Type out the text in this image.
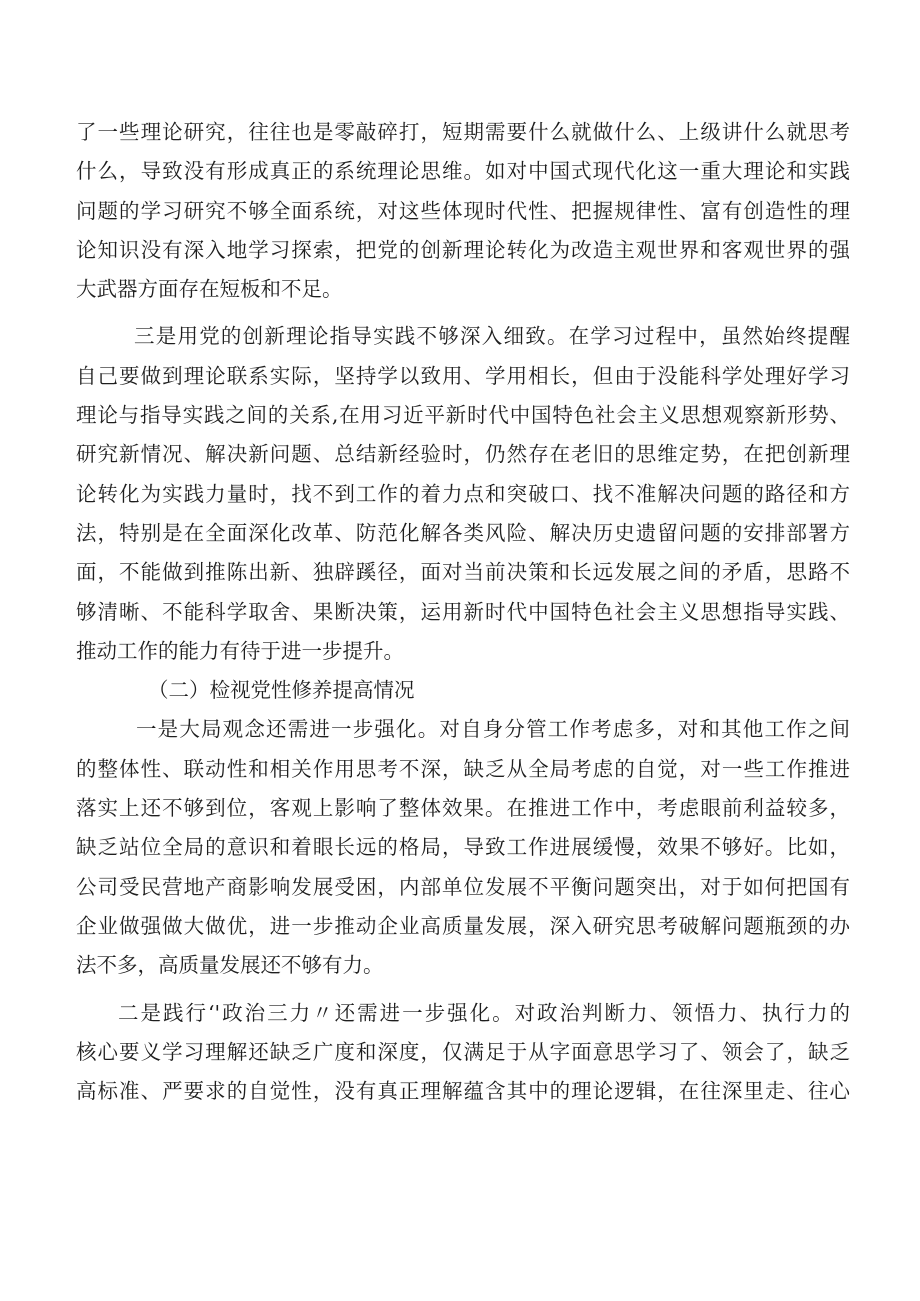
了一些理论研究，往往也是零敲碎打，短期需要什么就做什么、上级讲什么就思考
什么，导致没有形成真正的系统理论思维。如对中国式现代化这一重大理论和实践
问题的学习研究不够全面系统，对这些体现时代性、把握规律性、富有创造性的理
论知识没有深入地学习探索，把党的创新理论转化为改造主观世界和客观世界的强
大武器方面存在短板和不足。
三是用党的创新理论指导实践不够深入细致。在学习过程中，虽然始终提醒
自己要做到理论联系实际，坚持学以致用、学用相长，但由于没能科学处理好学习
理论与指导实践之间的关系,在用习近平新时代中国特色社会主义思想观察新形势、
研究新情况、解决新问题、总结新经验时，仍然存在老旧的思维定势，在把创新理
论转化为实践力量时，找不到工作的着力点和突破口、找不准解决问题的路径和方
法，特别是在全面深化改革、防范化解各类风险、解决历史遗留问题的安排部署方
面，不能做到推陈出新、独辟蹊径，面对当前决策和长远发展之间的矛盾，思路不
够清晰、不能科学取舍、果断决策，运用新时代中国特色社会主义思想指导实践、
推动工作的能力有待于进一步提升。
（二）检视党性修养提高情况
一是大局观念还需进一步强化。对自身分管工作考虑多，对和其他工作之间
的整体性、联动性和相关作用思考不深，缺乏从全局考虑的自觉，对一些工作推进
落实上还不够到位，客观上影响了整体效果。在推进工作中，考虑眼前利益较多，
缺乏站位全局的意识和着眼长远的格局，导致工作进展缓慢，效果不够好。比如，
公司受民营地产商影响发展受困，内部单位发展不平衡问题突出，对于如何把国有
企业做强做大做优，进一步推动企业高质量发展，深入研究思考破解问题瓶颈的办
法不多，高质量发展还不够有力。
二是践行‘'政治三力〃还需进一步强化。对政治判断力、领悟力、执行力的
核心要义学习理解还缺乏广度和深度，仅满足于从字面意思学习了、领会了，缺乏
高标准、严要求的自觉性，没有真正理解蕴含其中的理论逻辑，在往深里走、往心
